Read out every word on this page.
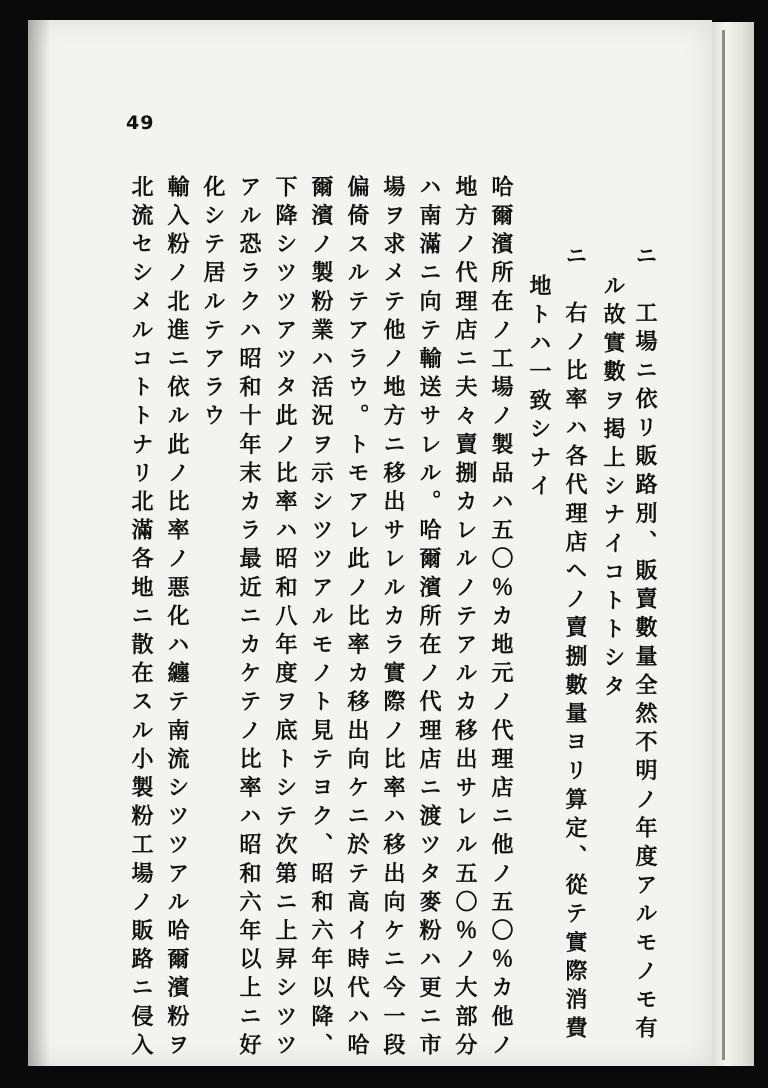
49
ニ　工場ニ依リ販路別、販賣數量全然不明ノ年度アルモノモ有
ル故實數ヲ掲上シナイコトトシタ
ニ　右ノ比率ハ各代理店ヘノ賣捌數量ヨリ算定、從テ實際消費
地トハ一致シナイ
哈爾濱所在ノ工場ノ製品ハ五〇％カ地元ノ代理店ニ他ノ五〇％カ他ノ
地方ノ代理店ニ夫々賣捌カレルノテアルカ移出サレル五〇％ノ大部分
ハ南滿ニ向テ輸送サレル。哈爾濱所在ノ代理店ニ渡ツタ麥粉ハ更ニ市
場ヲ求メテ他ノ地方ニ移出サレルカラ實際ノ比率ハ移出向ケニ今一段
偏倚スルテアラウ。トモアレ此ノ比率カ移出向ケニ於テ高イ時代ハ哈
爾濱ノ製粉業ハ活況ヲ示シツツアルモノト見テヨク、昭和六年以降、
下降シツツアツタ此ノ比率ハ昭和八年度ヲ底トシテ次第ニ上昇シツツ
アル恐ラクハ昭和十年末カラ最近ニカケテノ比率ハ昭和六年以上ニ好
化シテ居ルテアラウ
輸入粉ノ北進ニ依ル此ノ比率ノ悪化ハ纏テ南流シツツアル哈爾濱粉ヲ
北流セシメルコトトナリ北滿各地ニ散在スル小製粉工場ノ販路ニ侵入
